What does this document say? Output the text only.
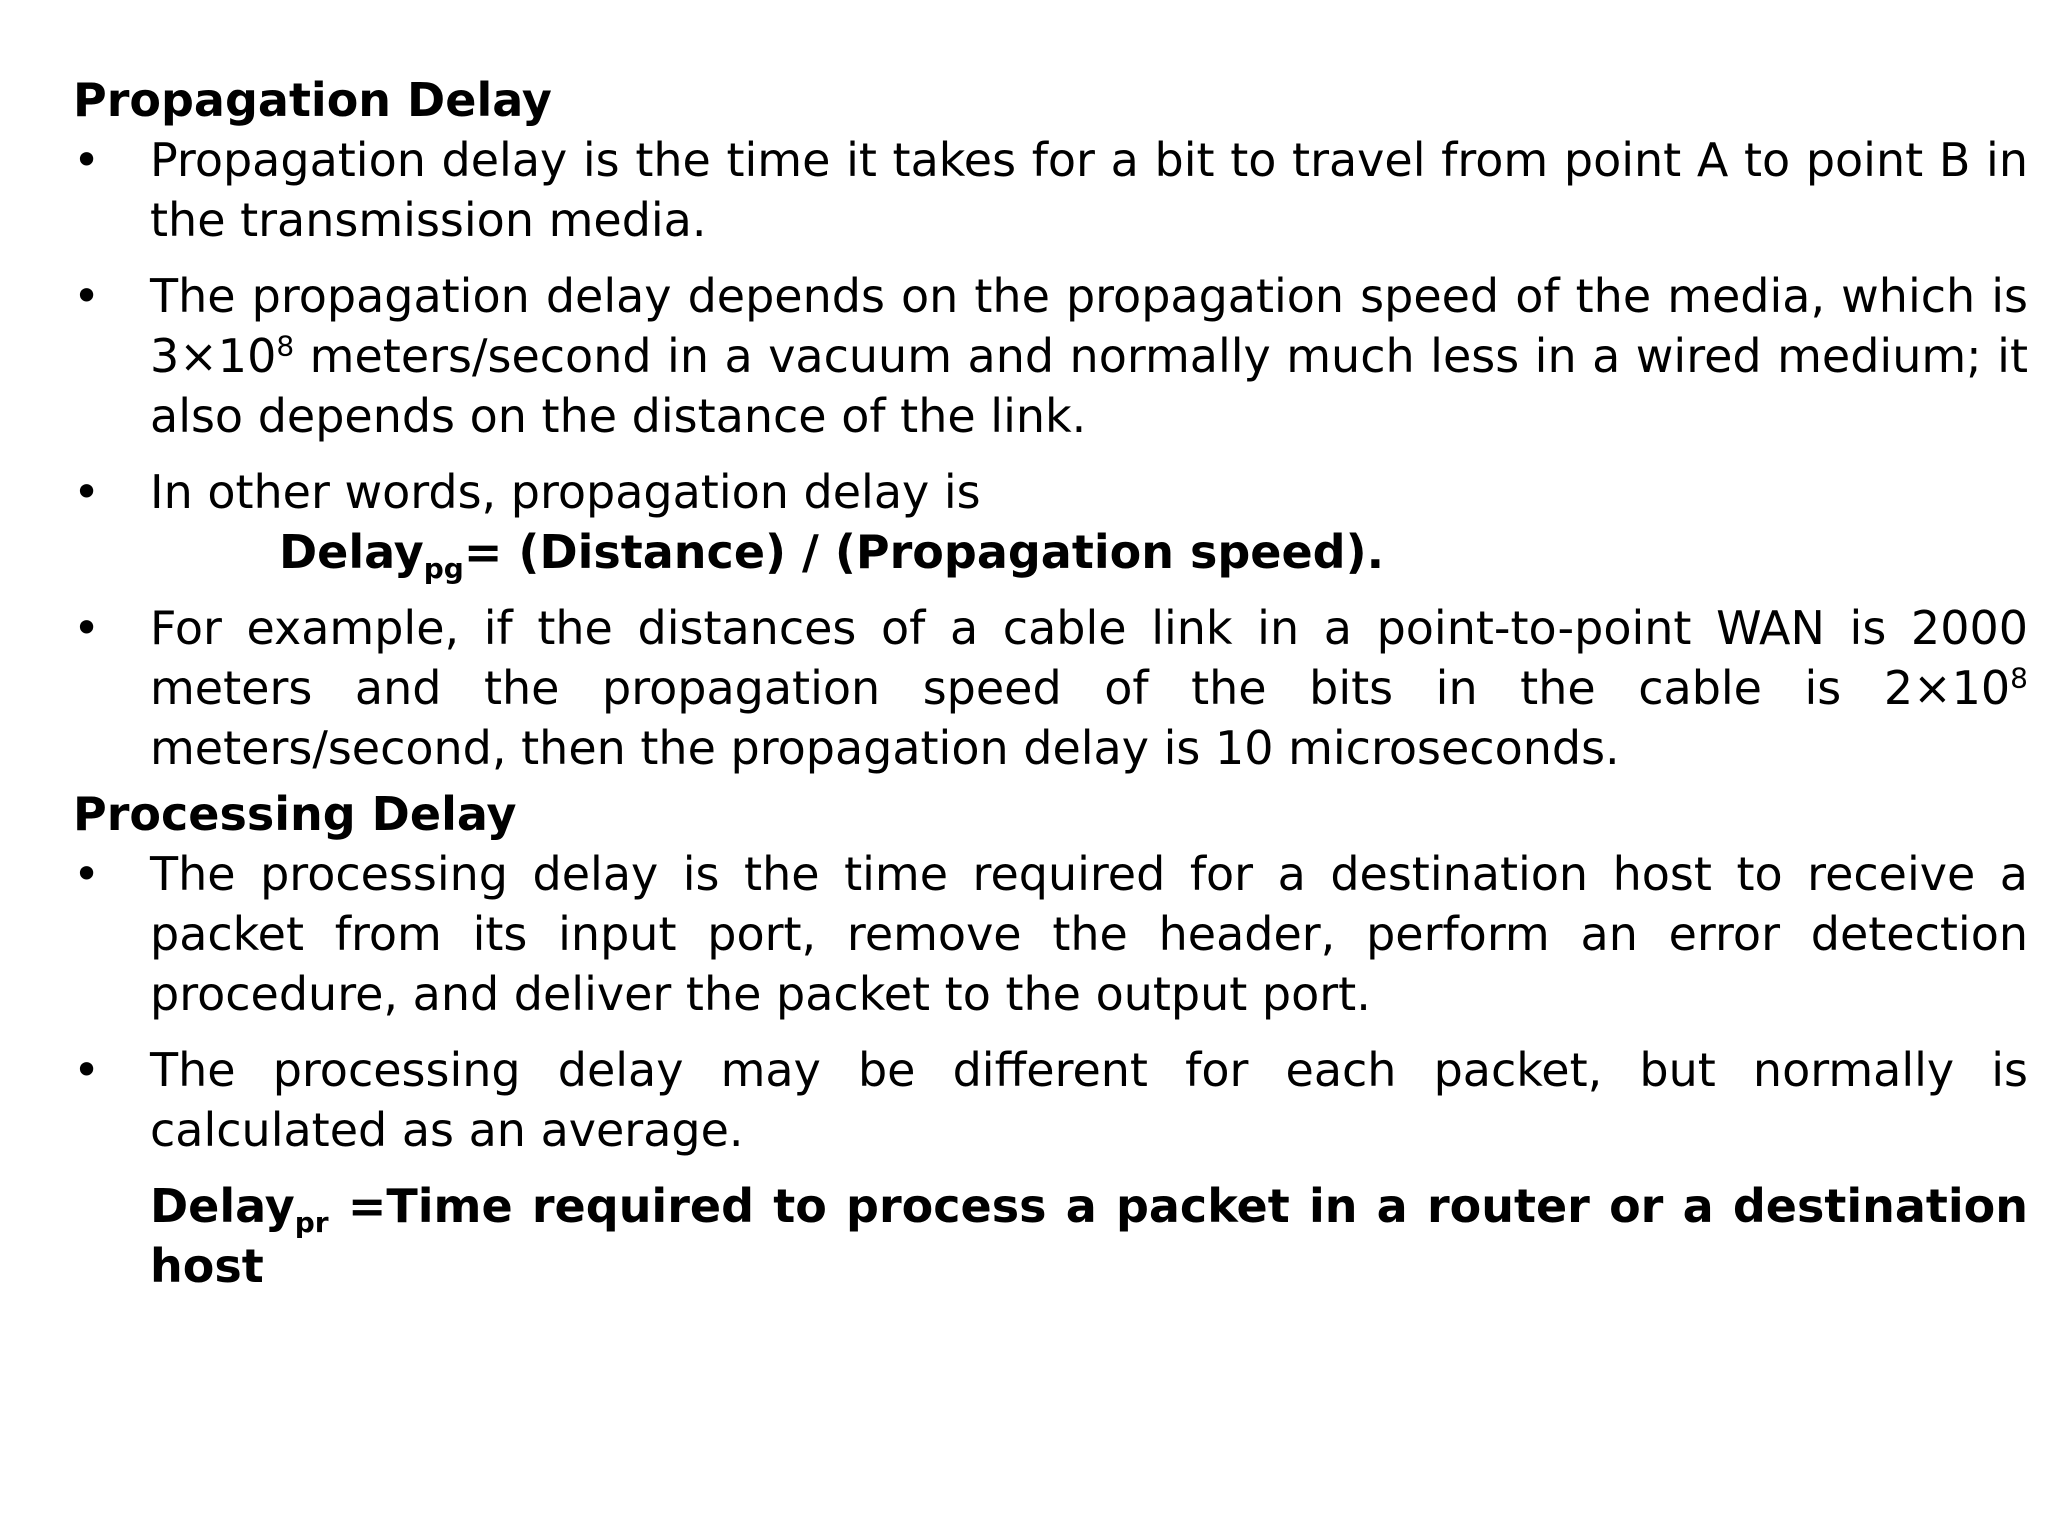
Propagation Delay
• Propagation delay is the time it takes for a bit to travel from point A to point B in the transmission media.
• The propagation delay depends on the propagation speed of the media, which is $3\times 10^8$ meters/second in a vacuum and normally much less in a wired medium; it also depends on the distance of the link.
• In other words, propagation delay is
Delay$_{pg}$= (Distance) / (Propagation speed).
• For example, if the distances of a cable link in a point-to-point WAN is 2000 meters and the propagation speed of the bits in the cable is $2\times 10^8$ meters/second, then the propagation delay is 10 microseconds.
Processing Delay
• The processing delay is the time required for a destination host to receive a packet from its input port, remove the header, perform an error detection procedure, and deliver the packet to the output port.
• The processing delay may be different for each packet, but normally is calculated as an average.
Delay$_{pr}$ =Time required to process a packet in a router or a destination host
